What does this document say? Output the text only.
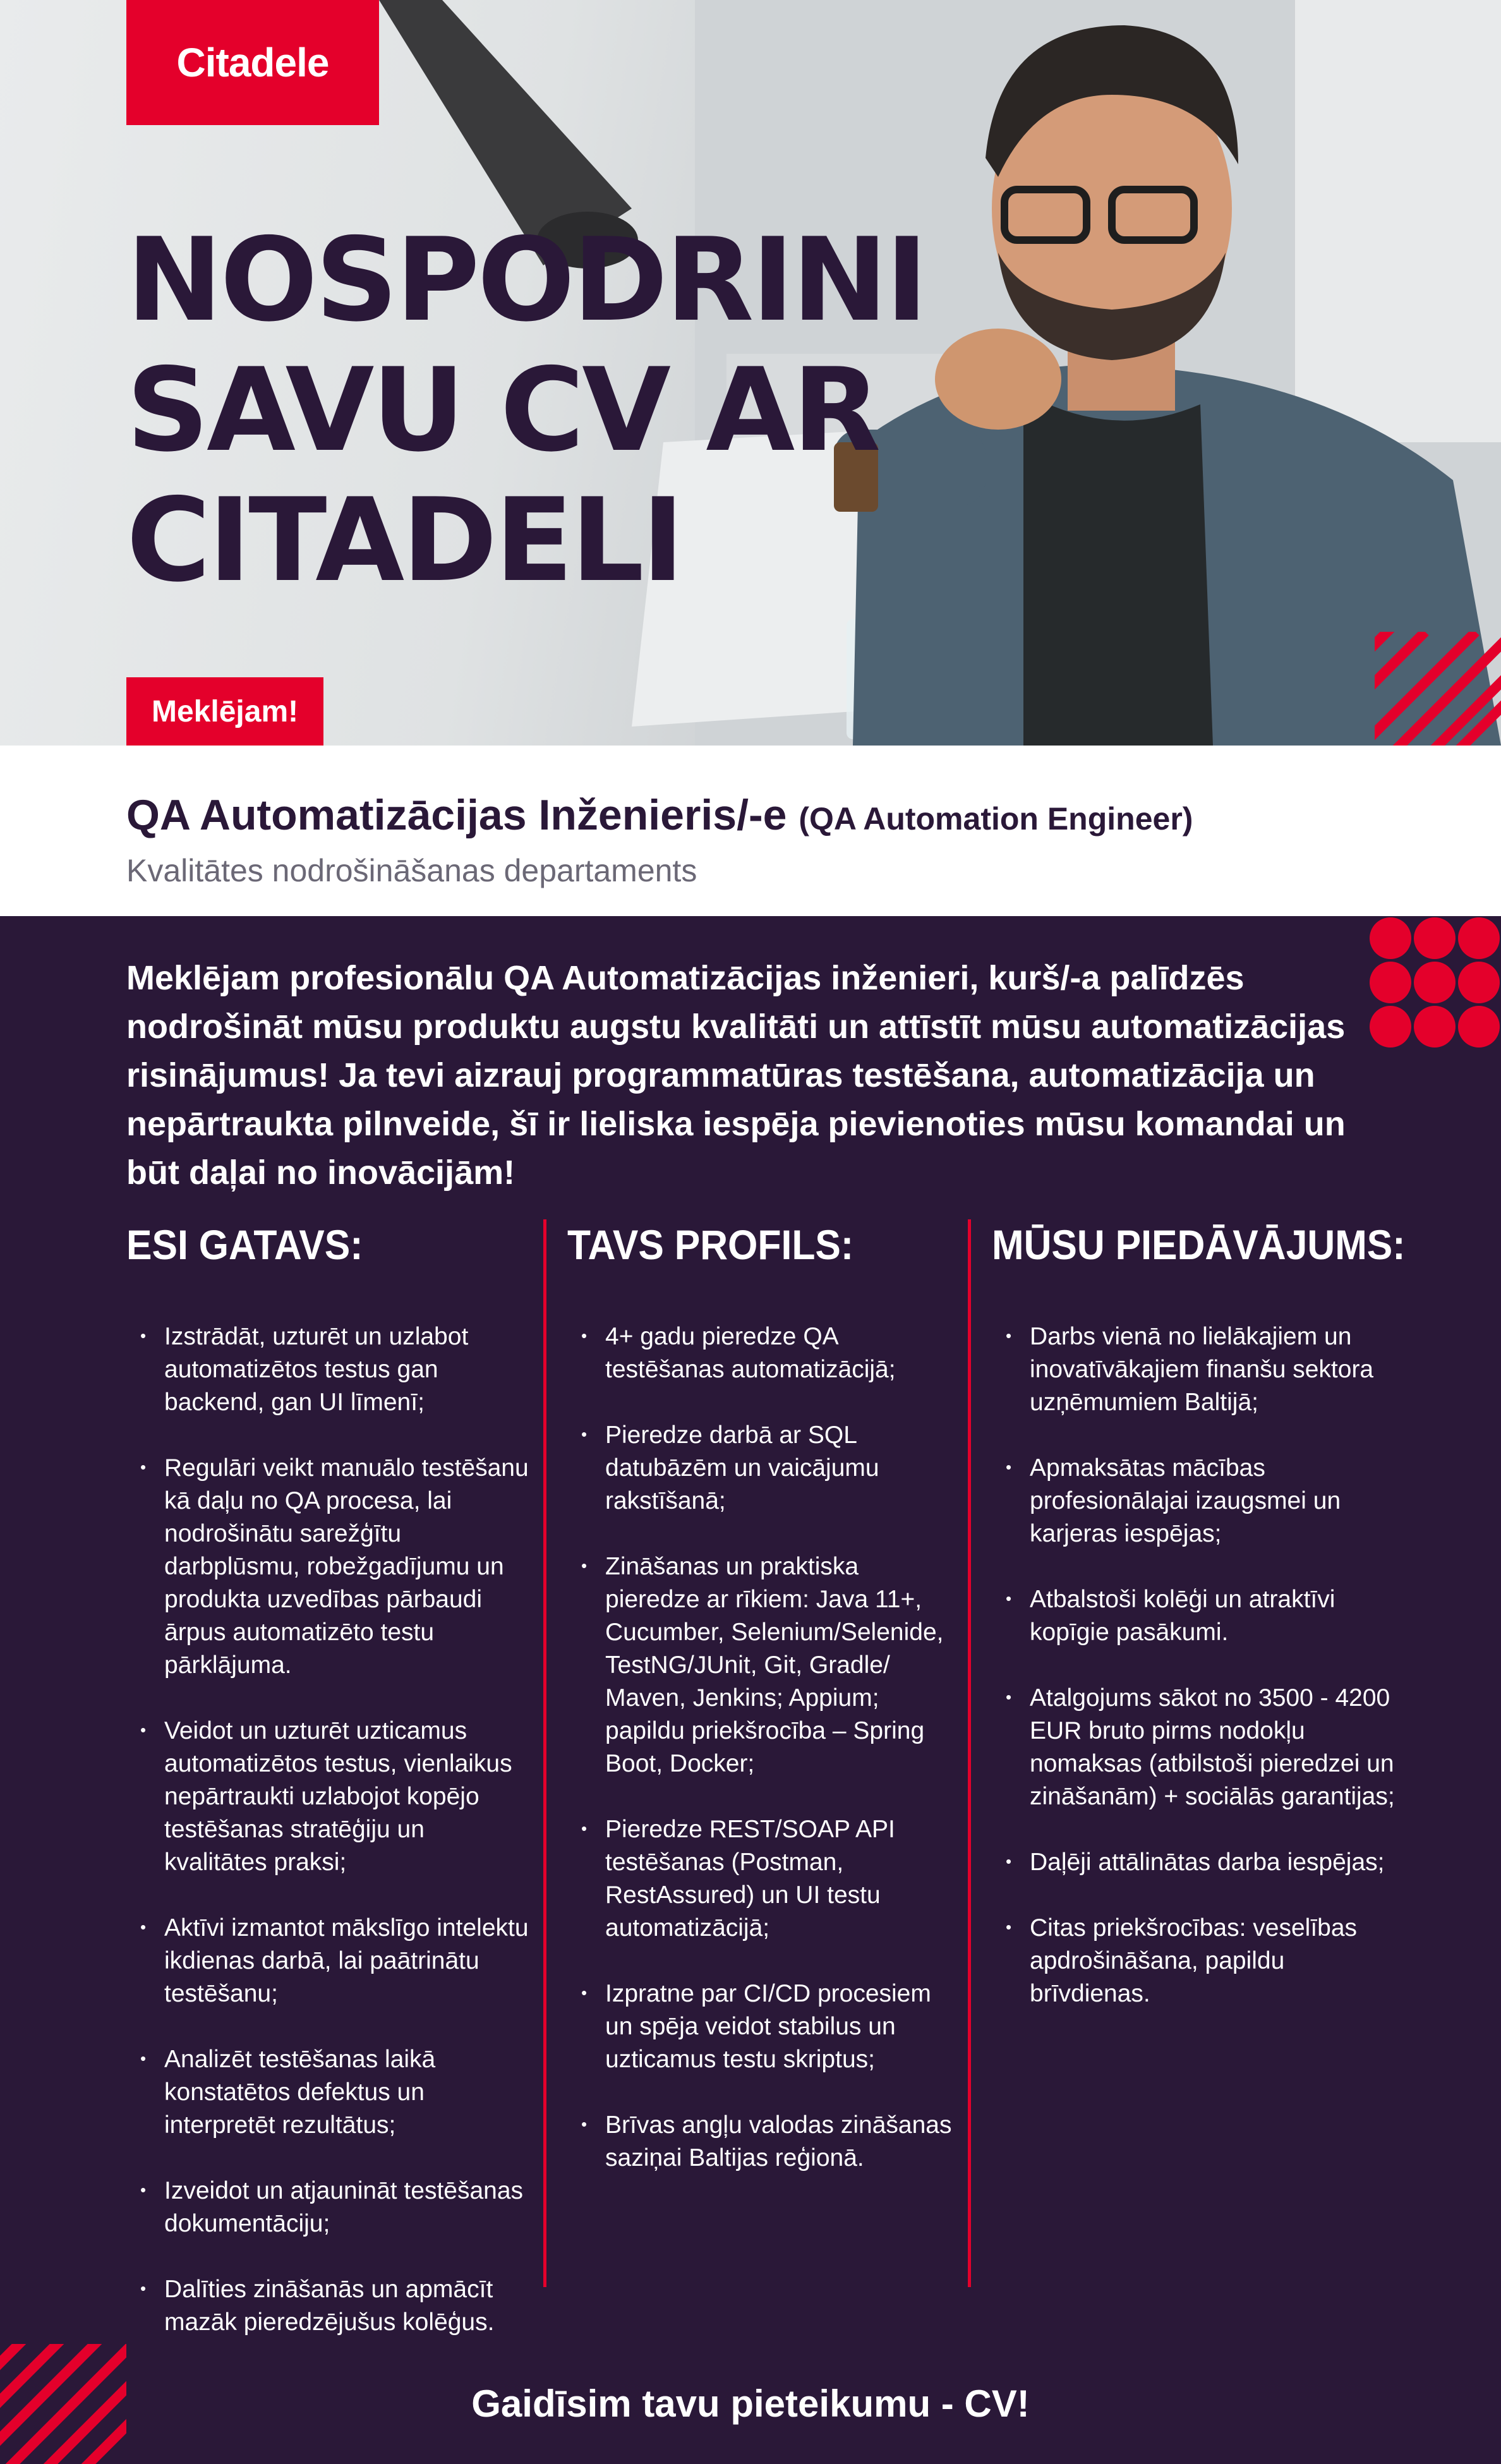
Citadele
NOSPODRINI
SAVU CV AR
CITADELI
Meklējam!
QA Automatizācijas Inženieris/-e (QA Automation Engineer)
Kvalitātes nodrošināšanas departaments

Meklējam profesionālu QA Automatizācijas inženieri, kurš/-a palīdzēs nodrošināt mūsu produktu augstu kvalitāti un attīstīt mūsu automatizācijas risinājumus! Ja tevi aizrauj programmatūras testēšana, automatizācija un nepārtraukta pilnveide, šī ir lieliska iespēja pievienoties mūsu komandai un būt daļai no inovācijām!

ESI GATAVS:
• Izstrādāt, uzturēt un uzlabot automatizētos testus gan backend, gan UI līmenī;
• Regulāri veikt manuālo testēšanu kā daļu no QA procesa, lai nodrošinātu sarežģītu darbplūsmu, robežgadījumu un produkta uzvedības pārbaudi ārpus automatizēto testu pārklājuma.
• Veidot un uzturēt uzticamus automatizētos testus, vienlaikus nepārtraukti uzlabojot kopējo testēšanas stratēģiju un kvalitātes praksi;
• Aktīvi izmantot mākslīgo intelektu ikdienas darbā, lai paātrinātu testēšanu;
• Analizēt testēšanas laikā konstatētos defektus un interpretēt rezultātus;
• Izveidot un atjaunināt testēšanas dokumentāciju;
• Dalīties zināšanās un apmācīt mazāk pieredzējušus kolēģus.
TAVS PROFILS:
• 4+ gadu pieredze QA testēšanas automatizācijā;
• Pieredze darbā ar SQL datubāzēm un vaicājumu rakstīšanā;
• Zināšanas un praktiska pieredze ar rīkiem: Java 11+, Cucumber, Selenium/Selenide, TestNG/JUnit, Git, Gradle/ Maven, Jenkins; Appium; papildu priekšrocība – Spring Boot, Docker;
• Pieredze REST/SOAP API testēšanas (Postman, RestAssured) un UI testu automatizācijā;
• Izpratne par CI/CD procesiem un spēja veidot stabilus un uzticamus testu skriptus;
• Brīvas angļu valodas zināšanas saziņai Baltijas reģionā.
MŪSU PIEDĀVĀJUMS:
• Darbs vienā no lielākajiem un inovatīvākajiem finanšu sektora uzņēmumiem Baltijā;
• Apmaksātas mācības profesionālajai izaugsmei un karjeras iespējas;
• Atbalstoši kolēģi un atraktīvi kopīgie pasākumi.
• Atalgojums sākot no 3500 - 4200 EUR bruto pirms nodokļu nomaksas (atbilstoši pieredzei un zināšanām) + sociālās garantijas;
• Daļēji attālinātas darba iespējas;
• Citas priekšrocības: veselības apdrošināšana, papildu brīvdienas.
Gaidīsim tavu pieteikumu - CV!
